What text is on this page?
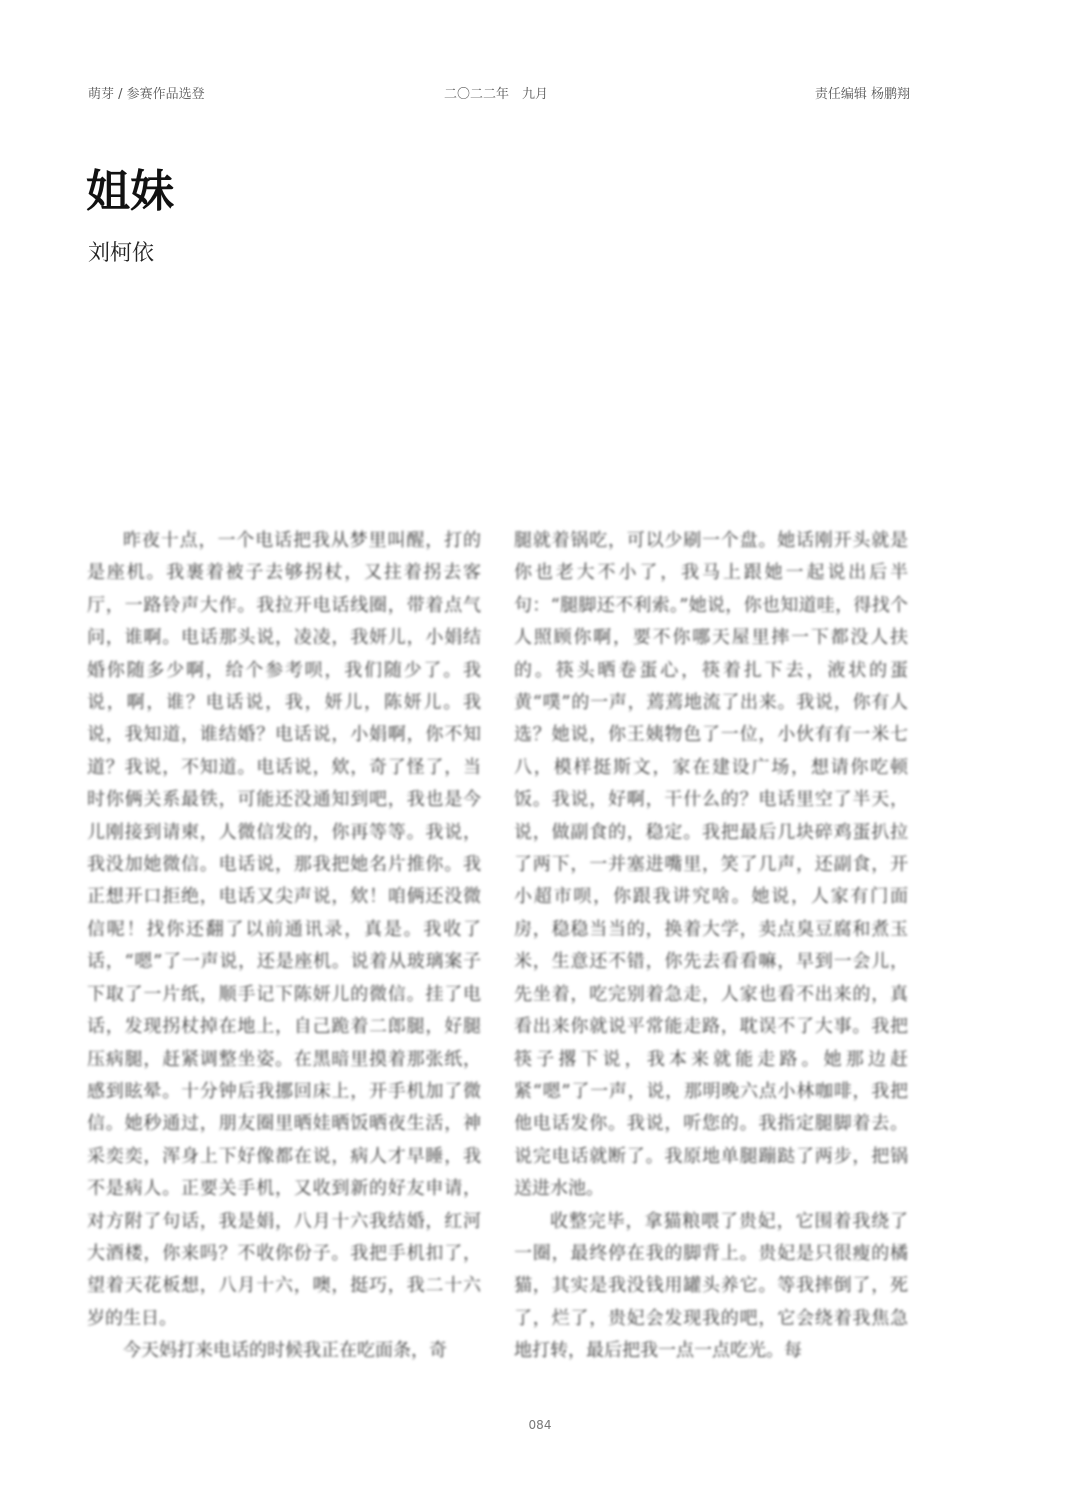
萌芽 / 参赛作品选登	二〇二二年　九月	责任编辑 杨鹏翔
姐妹
刘柯依

昨夜十点，一个电话把我从梦里叫醒，打的是座机。我裹着被子去够拐杖，又拄着拐去客厅，一路铃声大作。我拉开电话线圈，带着点气问，谁啊。电话那头说，凌凌，我妍儿，小娟结婚你随多少啊，给个参考呗，我们随少了。我说，啊，谁？电话说，我，妍儿，陈妍儿。我说，我知道，谁结婚？电话说，小娟啊，你不知道？我说，不知道。电话说，欸，奇了怪了，当时你俩关系最铁，可能还没通知到吧，我也是今儿刚接到请柬，人微信发的，你再等等。我说，我没加她微信。电话说，那我把她名片推你。我正想开口拒绝，电话又尖声说，欸！咱俩还没微信呢！找你还翻了以前通讯录，真是。我收了话，“嗯”了一声说，还是座机。说着从玻璃案子下取了一片纸，顺手记下陈妍儿的微信。挂了电话，发现拐杖掉在地上，自己跪着二郎腿，好腿压病腿，赶紧调整坐姿。在黑暗里摸着那张纸，感到眩晕。十分钟后我挪回床上，开手机加了微信。她秒通过，朋友圈里晒娃晒饭晒夜生活，神采奕奕，浑身上下好像都在说，病人才早睡，我不是病人。正要关手机，又收到新的好友申请，对方附了句话，我是娟，八月十六我结婚，红河大酒楼，你来吗？不收你份子。我把手机扣了，望着天花板想，八月十六，噢，挺巧，我二十六岁的生日。

今天妈打来电话的时候我正在吃面条，奇

腿就着锅吃，可以少刷一个盘。她话刚开头就是你也老大不小了，我马上跟她一起说出后半句：“腿脚还不利索。”她说，你也知道哇，得找个人照顾你啊，要不你哪天屋里摔一下都没人扶的。筷头晒卷蛋心，筷着扎下去，液状的蛋黄“噗”的一声，蔫蔫地流了出来。我说，你有人选？她说，你王姨物色了一位，小伙有有一米七八，模样挺斯文，家在建设广场，想请你吃顿饭。我说，好啊，干什么的？电话里空了半天，说，做副食的，稳定。我把最后几块碎鸡蛋扒拉了两下，一并塞进嘴里，笑了几声，还副食，开小超市呗，你跟我讲究啥。她说，人家有门面房，稳稳当当的，换着大学，卖点臭豆腐和煮玉米，生意还不错，你先去看看嘛，早到一会儿，先坐着，吃完别着急走，人家也看不出来的，真看出来你就说平常能走路，耽误不了大事。我把筷子撂下说，我本来就能走路。她那边赶紧“嗯”了一声，说，那明晚六点小林咖啡，我把他电话发你。我说，听您的。我指定腿脚着去。说完电话就断了。我原地单腿蹦跶了两步，把锅送进水池。

收整完毕，拿猫粮喂了贵妃，它围着我绕了一圈，最终停在我的脚背上。贵妃是只很瘦的橘猫，其实是我没钱用罐头养它。等我摔倒了，死了，烂了，贵妃会发现我的吧，它会绕着我焦急地打转，最后把我一点一点吃光。每

084
